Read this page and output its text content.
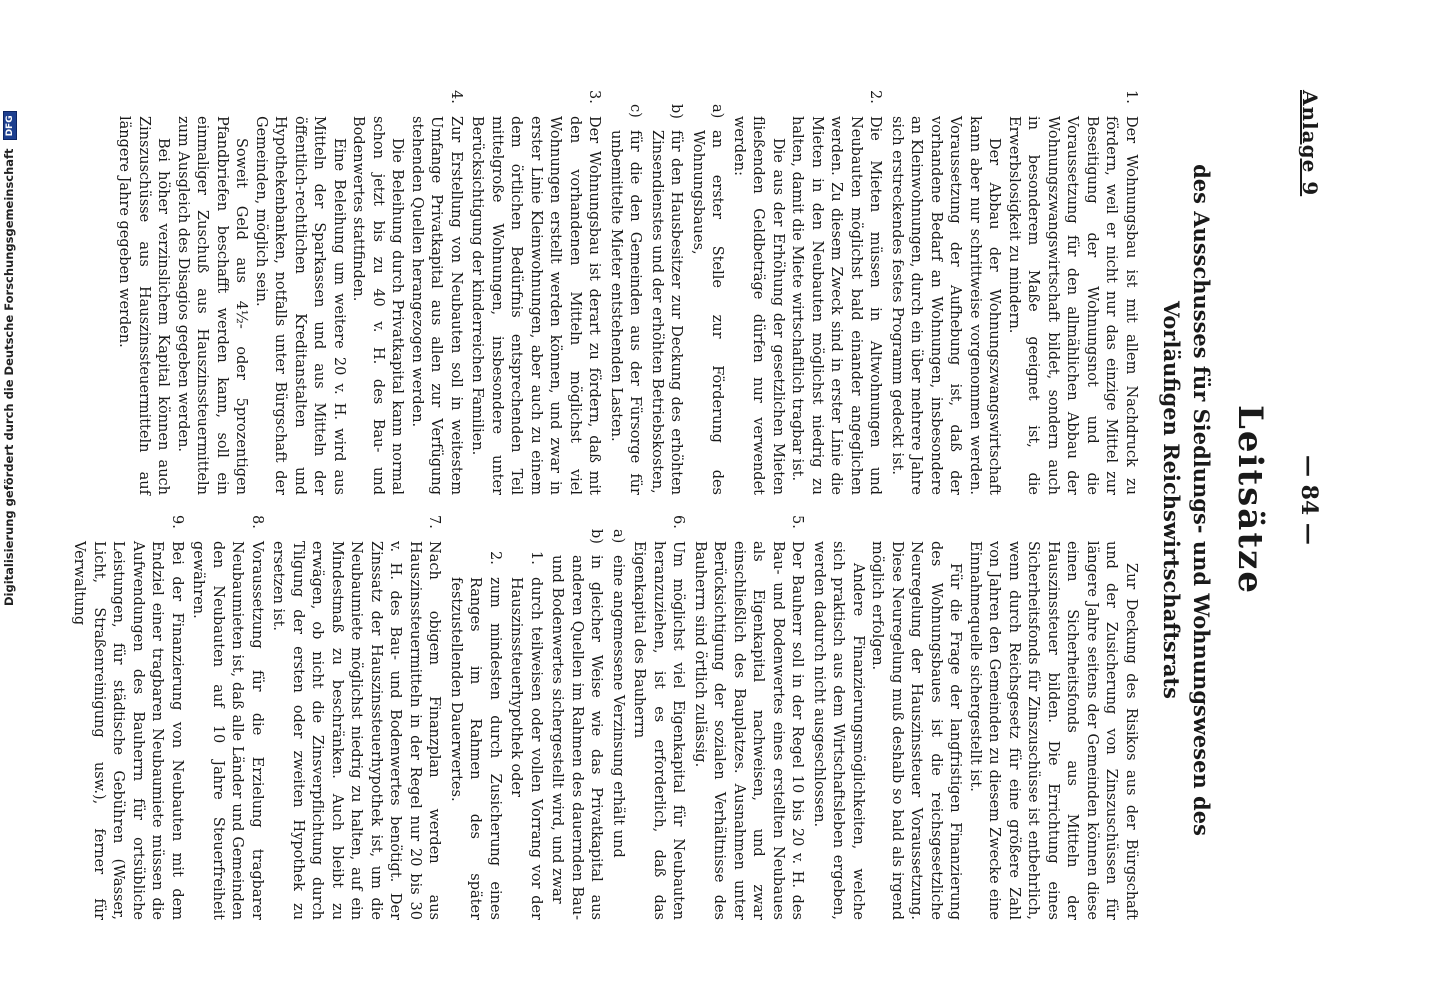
Anlage 9
— 84 —
Leitsätze
des Ausschusses für Siedlungs- und Wohnungswesen des Vorläufigen Reichswirtschaftsrats
1.

Der Wohnungsbau ist mit allem Nachdruck zu fördern, weil er nicht nur das einzige Mittel zur Beseitigung der Wohnungsnot und die Voraussetzung für den allmählichen Abbau der Wohnungszwangswirtschaft bildet, sondern auch in besonderem Maße geeignet ist, die Erwerbslosigkeit zu mindern.

Der Abbau der Wohnungszwangswirtschaft kann aber nur schrittweise vorgenommen werden. Voraussetzung der Aufhebung ist, daß der vorhandene Bedarf an Wohnungen, insbesondere an Kleinwohnungen, durch ein über mehrere Jahre sich erstreckendes festes Programm gedeckt ist.

2.

Die Mieten müssen in Altwohnungen und Neubauten möglichst bald einander angeglichen werden. Zu diesem Zweck sind in erster Linie die Mieten in den Neubauten möglichst niedrig zu halten, damit die Miete wirtschaftlich tragbar ist.

Die aus der Erhöhung der gesetzlichen Mieten fließenden Geldbeträge dürfen nur verwendet werden:

a)

an erster Stelle zur Förderung des Wohnungsbaues,

b)

für den Hausbesitzer zur Deckung des erhöhten Zinsendienstes und der erhöhten Betriebskosten,

c)

für die den Gemeinden aus der Fürsorge für unbemittelte Mieter entstehenden Lasten.

3.

Der Wohnungsbau ist derart zu fördern, daß mit den vorhandenen Mitteln möglichst viel Wohnungen erstellt werden können, und zwar in erster Linie Kleinwohnungen, aber auch zu einem dem örtlichen Bedürfnis entsprechenden Teil mittelgroße Wohnungen, insbesondere unter Berücksichtigung der kinderreichen Familien.

4.

Zur Erstellung von Neubauten soll in weitestem Umfange Privatkapital aus allen zur Verfügung stehenden Quellen herangezogen werden.

Die Beleihung durch Privatkapital kann normal schon jetzt bis zu 40 v. H. des Bau- und Bodenwertes stattfinden.

Eine Beleihung um weitere 20 v. H. wird aus Mitteln der Sparkassen und aus Mitteln der öffentlich-rechtlichen Kreditanstalten und Hypothekenbanken, notfalls unter Bürgschaft der Gemeinden, möglich sein.

Soweit Geld aus 4½- oder 5prozentigen Pfandbriefen beschafft werden kann, soll ein einmaliger Zuschuß aus Hauszinssteuermitteln zum Ausgleich des Disagios gegeben werden.

Bei höher verzinslichem Kapital können auch Zinszuschüsse aus Hauszinssteuermitteln auf längere Jahre gegeben werden.

Zur Deckung des Risikos aus der Bürgschaft und der Zusicherung von Zinszuschüssen für längere Jahre seitens der Gemeinden können diese einen Sicherheitsfonds aus Mitteln der Hauszinssteuer bilden. Die Errichtung eines Sicherheitsfonds für Zinszuschüsse ist entbehrlich, wenn durch Reichsgesetz für eine größere Zahl von Jahren den Gemeinden zu diesem Zwecke eine Einnahmequelle sichergestellt ist.

Für die Frage der langfristigen Finanzierung des Wohnungsbaues ist die reichsgesetzliche Neuregelung der Hauszinssteuer Voraussetzung. Diese Neuregelung muß deshalb so bald als irgend möglich erfolgen.

Andere Finanzierungsmöglichkeiten, welche sich praktisch aus dem Wirtschaftsleben ergeben, werden dadurch nicht ausgeschlossen.

5.

Der Bauherr soll in der Regel 10 bis 20 v. H. des Bau- und Bodenwertes eines erstellten Neubaues als Eigenkapital nachweisen, und zwar einschließlich des Bauplatzes. Ausnahmen unter Berücksichtigung der sozialen Verhältnisse des Bauherrn sind örtlich zulässig.

6.

Um möglichst viel Eigenkapital für Neubauten heranzuziehen, ist es erforderlich, daß das Eigenkapital des Bauherrn

a)

eine angemessene Verzinsung erhält und

b)

in gleicher Weise wie das Privatkapital aus anderen Quellen im Rahmen des dauernden Bau- und Bodenwertes sichergestellt wird, und zwar

1.

durch teilweisen oder vollen Vorrang vor der Hauszinssteuerhypothek oder

2.

zum mindesten durch Zusicherung eines Ranges im Rahmen des später festzustellenden Dauerwertes.

7.

Nach obigem Finanzplan werden aus Hauszinssteuermitteln in der Regel nur 20 bis 30 v. H. des Bau- und Bodenwertes benötigt. Der Zinssatz der Hauszinssteuerhypothek ist, um die Neubaumiete möglichst niedrig zu halten, auf ein Mindestmaß zu beschränken. Auch bleibt zu erwägen, ob nicht die Zinsverpflichtung durch Tilgung der ersten oder zweiten Hypothek zu ersetzen ist.

8.

Voraussetzung für die Erzielung tragbarer Neubaumieten ist, daß alle Länder und Gemeinden den Neubauten auf 10 Jahre Steuerfreiheit gewähren.

9.

Bei der Finanzierung von Neubauten mit dem Endziel einer tragbaren Neubaumiete müssen die Aufwendungen des Bauherrn für ortsübliche Leistungen, für städtische Gebühren (Wasser, Licht, Straßenreinigung usw.), ferner für Verwaltung

Digitalisierung gefördert durch die Deutsche Forschungsgemeinschaft DFG
